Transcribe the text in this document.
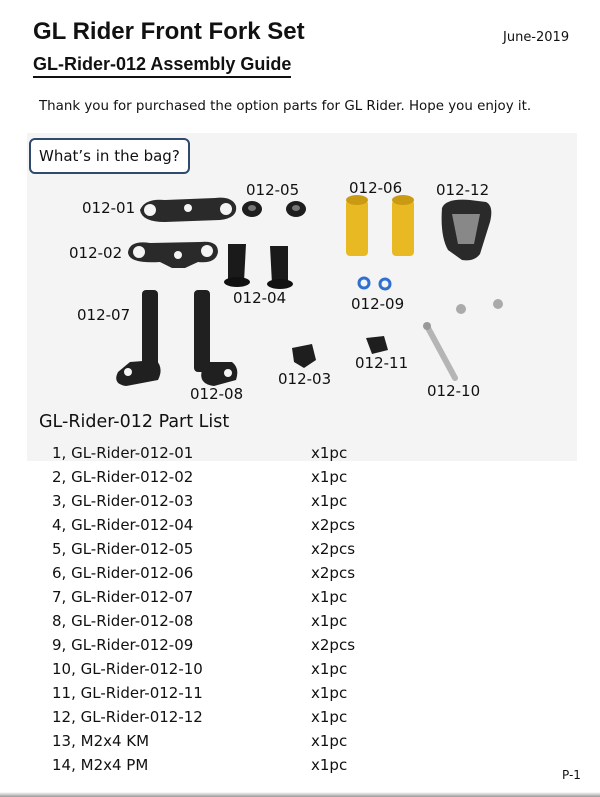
GL Rider Front Fork Set	June-2019
GL-Rider-012 Assembly Guide
Thank you for purchased the option parts for GL Rider. Hope you enjoy it.
What’s in the bag?
012-01
012-02
012-03
012-04
012-05	012-06
012-07
012-08
012-09
012-10
012-11
012-12
GL-Rider-012 Part List
1, GL-Rider-012-01	x1pc
2, GL-Rider-012-02	x1pc
3, GL-Rider-012-03	x1pc
4, GL-Rider-012-04	x2pcs
5, GL-Rider-012-05	x2pcs
6, GL-Rider-012-06	x2pcs
7, GL-Rider-012-07	x1pc
8, GL-Rider-012-08	x1pc
9, GL-Rider-012-09	x2pcs
10, GL-Rider-012-10	x1pc
11, GL-Rider-012-11	x1pc
12, GL-Rider-012-12	x1pc
13, M2x4 KM	x1pc
14, M2x4 PM	x1pc
P-1
